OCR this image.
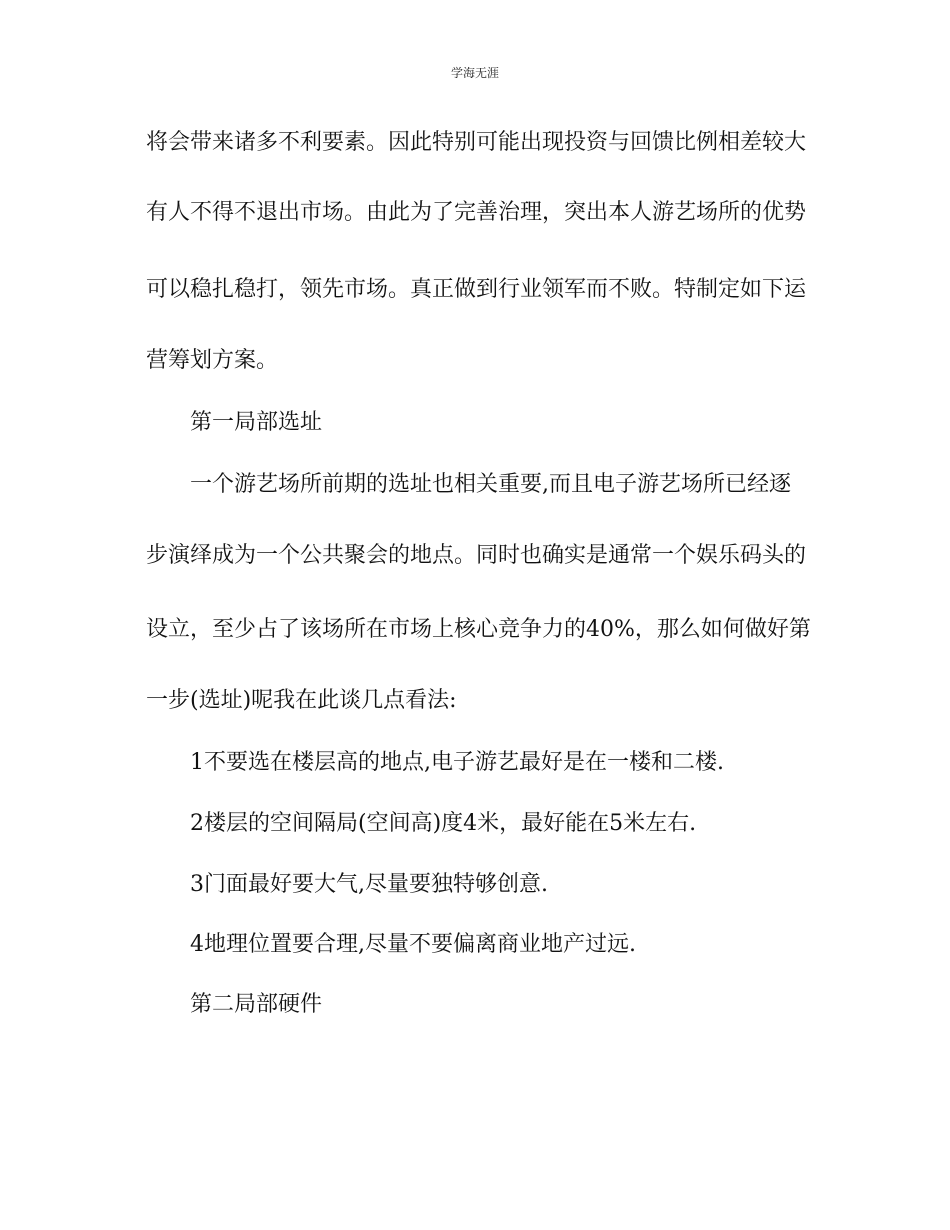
学海无涯
将会带来诸多不利要素。因此特别可能出现投资与回馈比例相差较大
有人不得不退出市场。由此为了完善治理，突出本人游艺场所的优势
可以稳扎稳打，领先市场。真正做到行业领军而不败。特制定如下运
营筹划方案。
第一局部选址
一个游艺场所前期的选址也相关重要,而且电子游艺场所已经逐
步演绎成为一个公共聚会的地点。同时也确实是通常一个娱乐码头的
设立，至少占了该场所在市场上核心竞争力的40%，那么如何做好第
一步(选址)呢我在此谈几点看法:
1不要选在楼层高的地点,电子游艺最好是在一楼和二楼.
2楼层的空间隔局(空间高)度4米，最好能在5米左右.
3门面最好要大气,尽量要独特够创意.
4地理位置要合理,尽量不要偏离商业地产过远.
第二局部硬件
